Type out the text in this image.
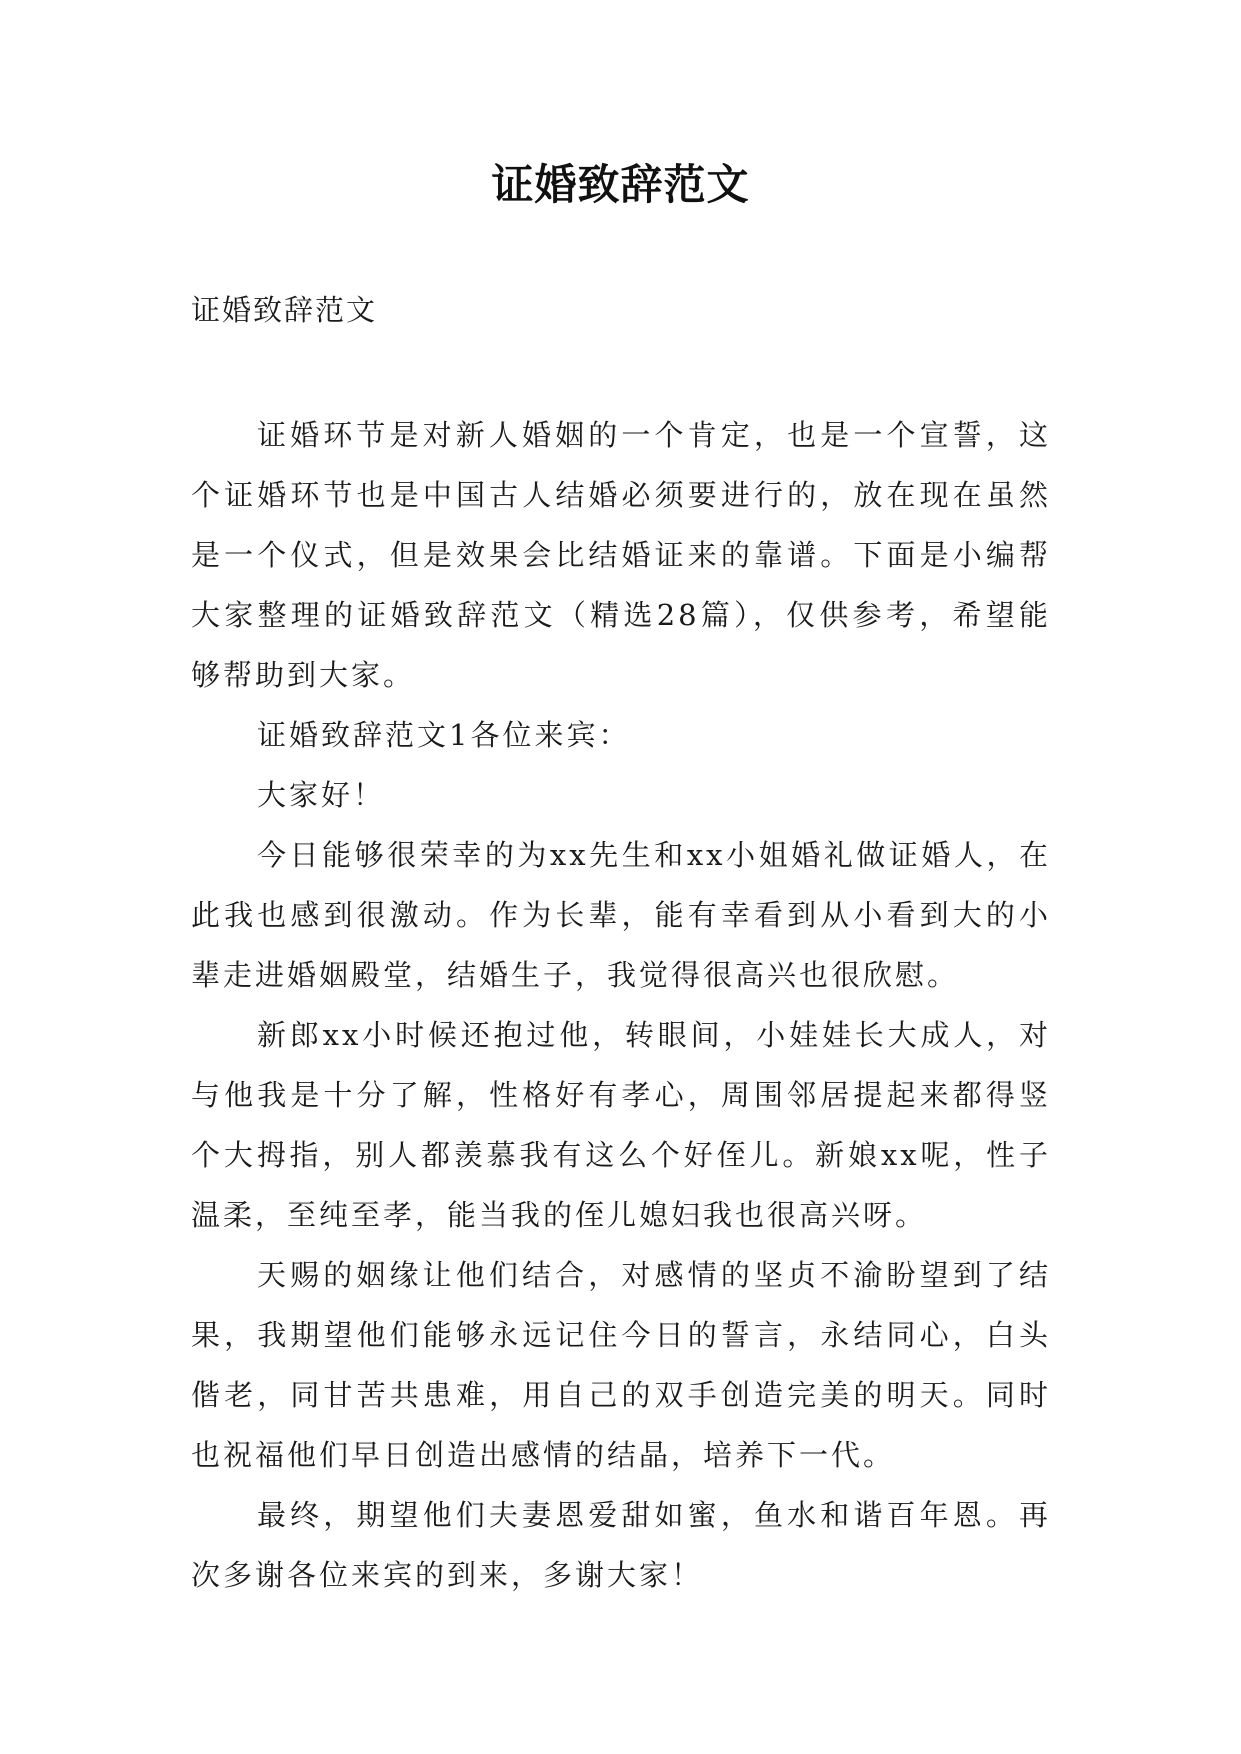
证婚致辞范文
证婚致辞范文

证婚环节是对新人婚姻的一个肯定，也是一个宣誓，这个证婚环节也是中国古人结婚必须要进行的，放在现在虽然是一个仪式，但是效果会比结婚证来的靠谱。下面是小编帮大家整理的证婚致辞范文（精选28篇），仅供参考，希望能够帮助到大家。

证婚致辞范文1各位来宾：

大家好！

今日能够很荣幸的为xx先生和xx小姐婚礼做证婚人，在此我也感到很激动。作为长辈，能有幸看到从小看到大的小辈走进婚姻殿堂，结婚生子，我觉得很高兴也很欣慰。

新郎xx小时候还抱过他，转眼间，小娃娃长大成人，对与他我是十分了解，性格好有孝心，周围邻居提起来都得竖个大拇指，别人都羡慕我有这么个好侄儿。新娘xx呢，性子温柔，至纯至孝，能当我的侄儿媳妇我也很高兴呀。

天赐的姻缘让他们结合，对感情的坚贞不渝盼望到了结果，我期望他们能够永远记住今日的誓言，永结同心，白头偕老，同甘苦共患难，用自己的双手创造完美的明天。同时也祝福他们早日创造出感情的结晶，培养下一代。

最终，期望他们夫妻恩爱甜如蜜，鱼水和谐百年恩。再次多谢各位来宾的到来，多谢大家！
